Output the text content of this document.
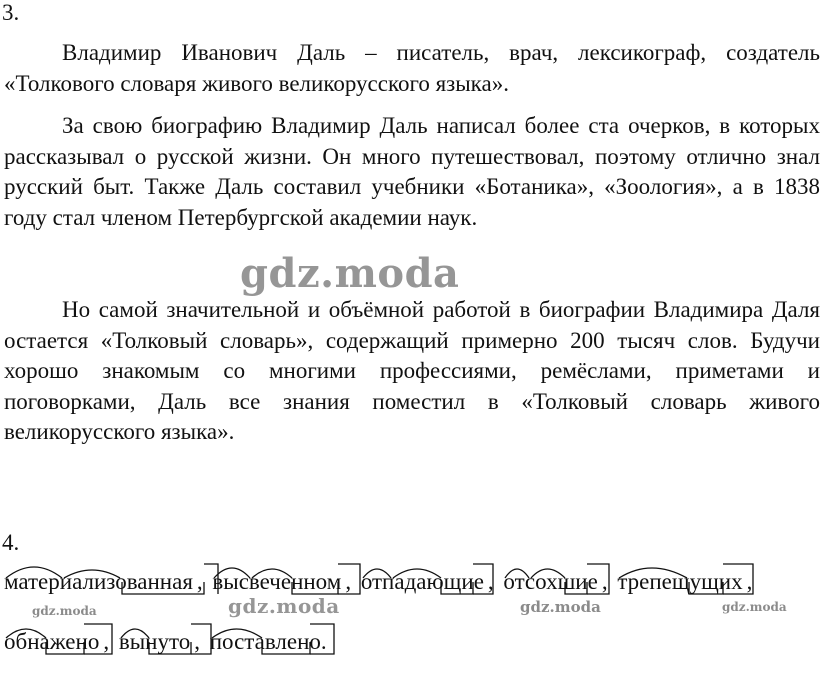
3.

Владимир Иванович Даль – писатель, врач, лексикограф, создатель «Толкового словаря живого великорусского языка».

За свою биографию Владимир Даль написал более ста очерков, в которых рассказывал о русской жизни. Он много путешествовал, поэтому отлично знал русский быт. Также Даль составил учебники «Ботаника», «Зоология», а в 1838 году стал членом Петербургской академии наук.

Но самой значительной и объёмной работой в биографии Владимира Даля остается «Толковый словарь», содержащий примерно 200 тысяч слов. Будучи хорошо знакомым со многими профессиями, ремёслами, приметами и поговорками, Даль все знания поместил в «Толковый словарь живого великорусского языка».

gdz.moda
4.
материализованная , высвеченном , отпадающие , отсохшие , трепещущих ,
gdz.moda	gdz.moda	gdz.moda	gdz.moda
обнажено , вынуто , поставлено
.
